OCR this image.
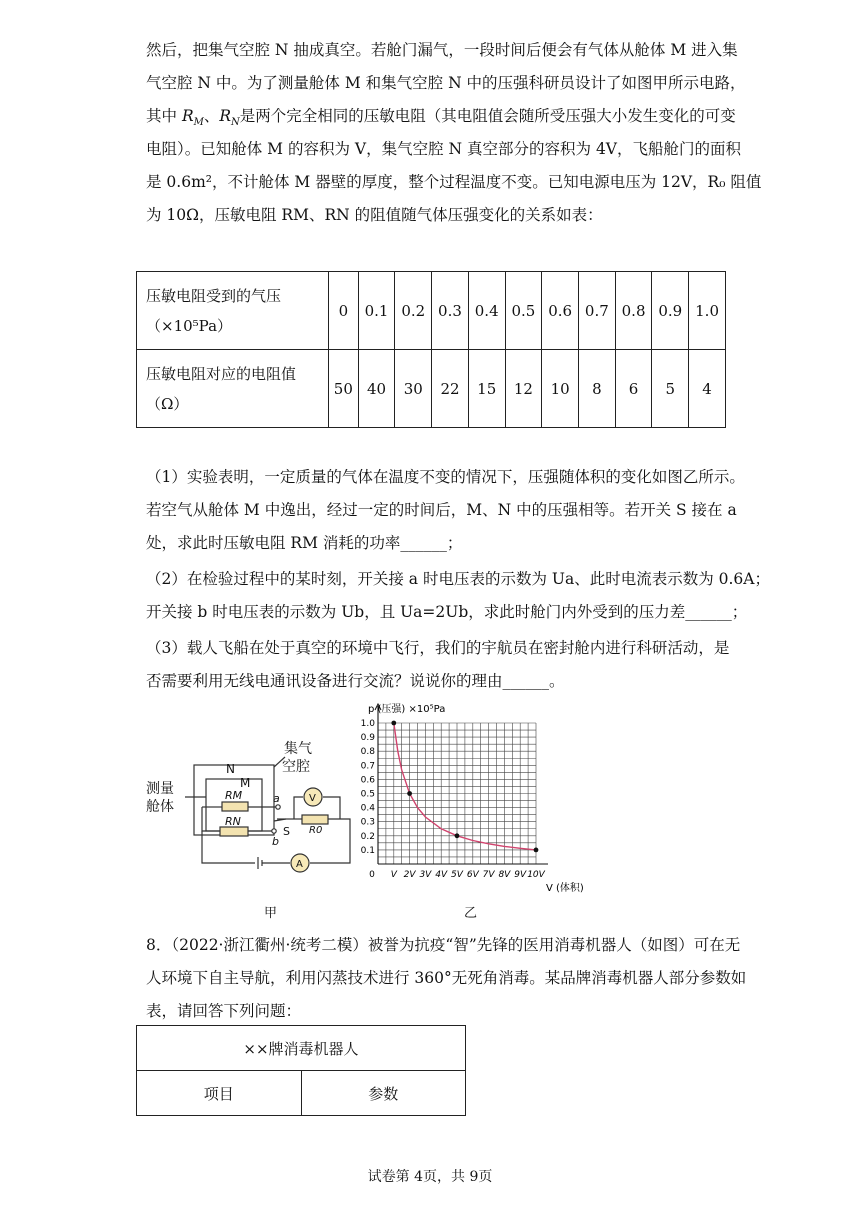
然后，把集气空腔 N 抽成真空。若舱门漏气，一段时间后便会有气体从舱体 M 进入集
气空腔 N 中。为了测量舱体 M 和集气空腔 N 中的压强科研员设计了如图甲所示电路，
其中 $R_M$、$R_N$是两个完全相同的压敏电阻（其电阻值会随所受压强大小发生变化的可变
电阻）。已知舱体 M 的容积为 V，集气空腔 N 真空部分的容积为 4V，飞船舱门的面积
是 0.6m²，不计舱体 M 器壁的厚度，整个过程温度不变。已知电源电压为 12V，R₀ 阻值
为 10Ω，压敏电阻 RM、RN 的阻值随气体压强变化的关系如表：
压敏电阻受到的气压
（×10⁵Pa）	0	0.1	0.2	0.3	0.4	0.5	0.6	0.7	0.8	0.9	1.0
压敏电阻对应的电阻值
（Ω）	50	40	30	22	15	12	10	8	6	5	4
（1）实验表明，一定质量的气体在温度不变的情况下，压强随体积的变化如图乙所示。
若空气从舱体 M 中逸出，经过一定的时间后，M、N 中的压强相等。若开关 S 接在 a
处，求此时压敏电阻 RM 消耗的功率______；
（2）在检验过程中的某时刻，开关接 a 时电压表的示数为 Ua、此时电流表示数为 0.6A；
开关接 b 时电压表的示数为 Ub，且 Ua=2Ub，求此时舱门内外受到的压力差______；
（3）载人飞船在处于真空的环境中飞行，我们的宇航员在密封舱内进行科研活动，是
否需要利用无线电通讯设备进行交流？说说你的理由______。
N
M
集气
空腔
测量
舱体
RM
RN
R0
a
b
S
V
A
甲
1.0
0.9
0.8
0.7
0.6
0.5
0.4
0.3
0.2
0.1
0 V 2V 3V 4V 5V 6V 7V 8V 9V 10V
p (压强) ×10⁵Pa
V (体积)
乙
8．（2022·浙江衢州·统考二模）被誉为抗疫“智”先锋的医用消毒机器人（如图）可在无
人环境下自主导航，利用闪蒸技术进行 360°无死角消毒。某品牌消毒机器人部分参数如
表，请回答下列问题：
××牌消毒机器人
项目	参数
试卷第 4页，共 9页
